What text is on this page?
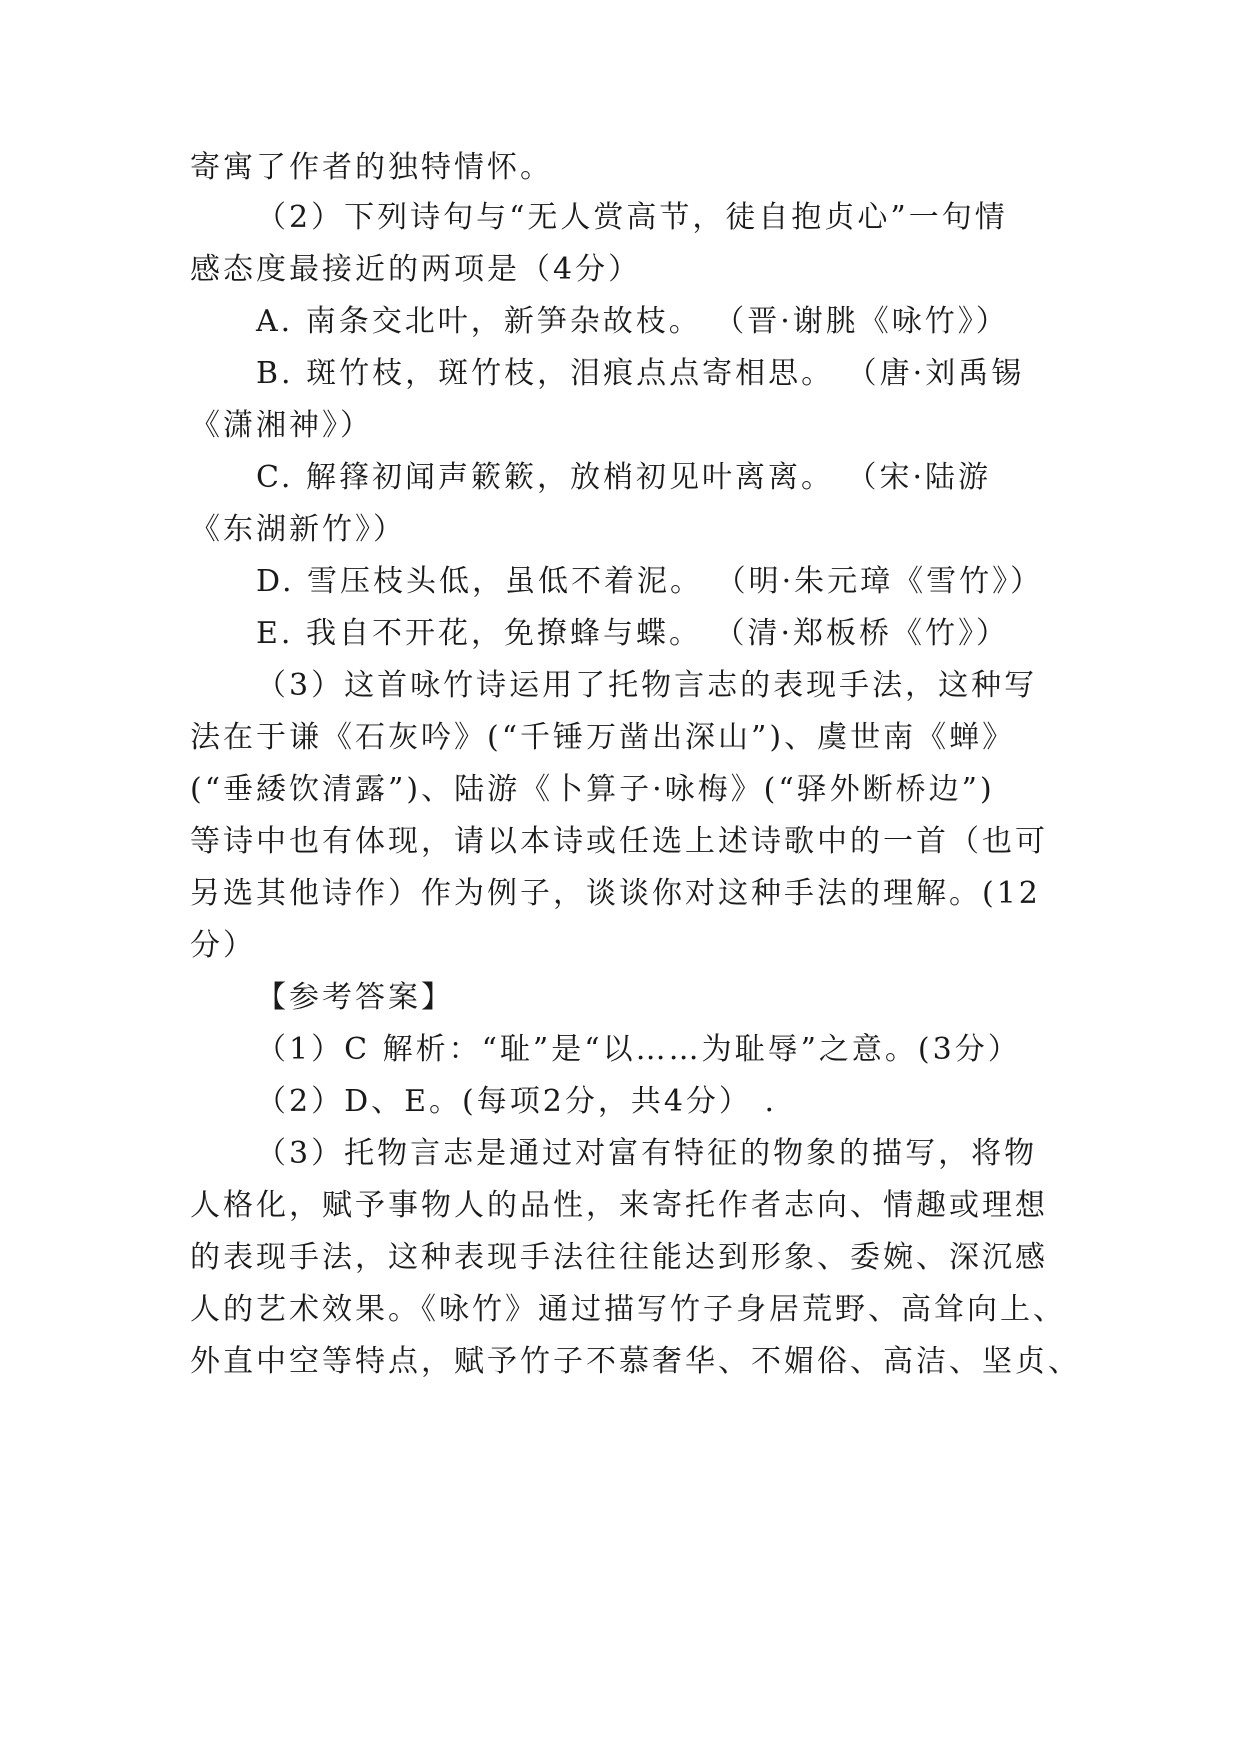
寄寓了作者的独特情怀。
（2）下列诗句与“无人赏高节，徒自抱贞心”一句情
感态度最接近的两项是（4分）
A. 南条交北叶，新笋杂故枝。 （晋·谢朓《咏竹》）
B. 斑竹枝，斑竹枝，泪痕点点寄相思。 （唐·刘禹锡
《潇湘神》）
C. 解箨初闻声簌簌，放梢初见叶离离。 （宋·陆游
《东湖新竹》）
D. 雪压枝头低，虽低不着泥。 （明·朱元璋《雪竹》）
E. 我自不开花，免撩蜂与蝶。 （清·郑板桥《竹》）
（3）这首咏竹诗运用了托物言志的表现手法，这种写
法在于谦《石灰吟》(“千锤万凿出深山”)、虞世南《蝉》
(“垂緌饮清露”)、陆游《卜算子·咏梅》(“驿外断桥边”)
等诗中也有体现，请以本诗或任选上述诗歌中的一首（也可
另选其他诗作）作为例子，谈谈你对这种手法的理解。(12
分）
【参考答案】
（1）C 解析：“耻”是“以……为耻辱”之意。(3分）
（2）D、E。(每项2分，共4分） .
（3）托物言志是通过对富有特征的物象的描写，将物
人格化，赋予事物人的品性，来寄托作者志向、情趣或理想
的表现手法，这种表现手法往往能达到形象、委婉、深沉感
人的艺术效果。《咏竹》通过描写竹子身居荒野、高耸向上、
外直中空等特点，赋予竹子不慕奢华、不媚俗、高洁、坚贞、
